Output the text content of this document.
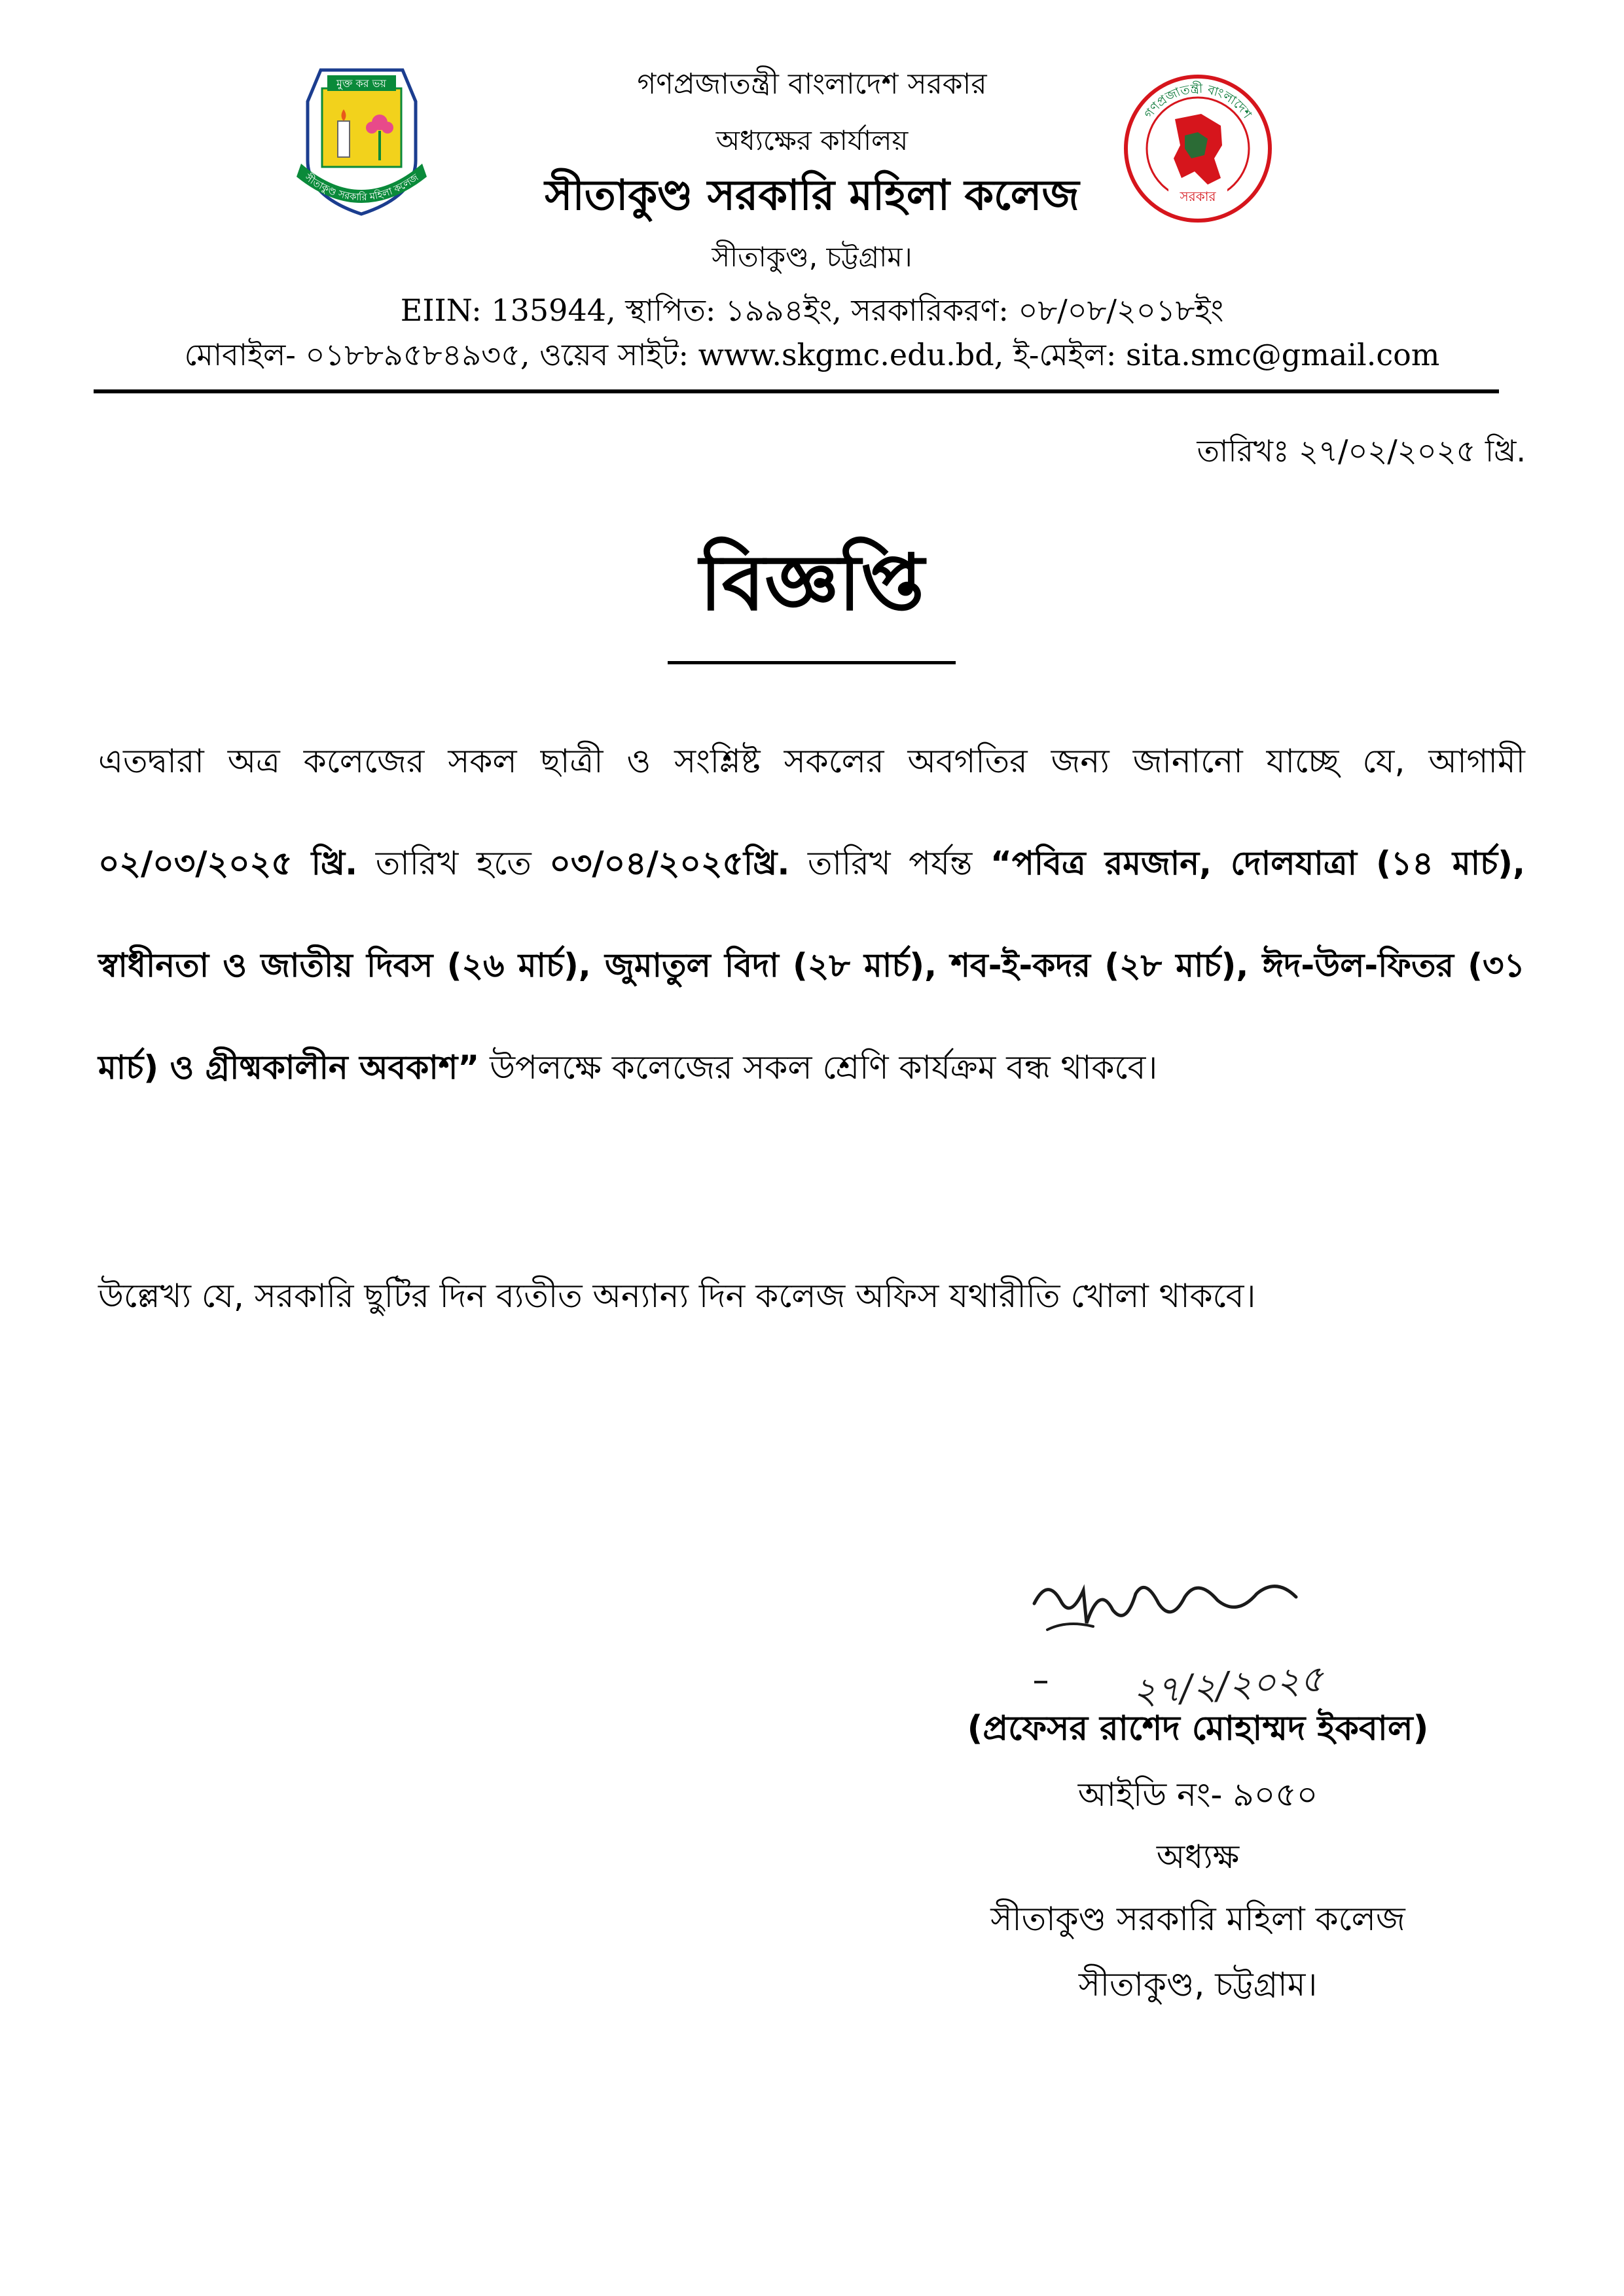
মুক্ত কর ভয়
সীতাকুণ্ড সরকারি মহিলা কলেজ
গণপ্রজাতন্ত্রী বাংলাদেশ সরকার
অধ্যক্ষের কার্যালয়
সীতাকুণ্ড সরকারি মহিলা কলেজ
সীতাকুণ্ড, চট্টগ্রাম।
EIIN: 135944, স্থাপিত: ১৯৯৪ইং, সরকারিকরণ: ০৮/০৮/২০১৮ইং
মোবাইল- ০১৮৮৯৫৮৪৯৩৫, ওয়েব সাইট: www.skgmc.edu.bd, ই-মেইল: sita.smc@gmail.com
গণপ্রজাতন্ত্রী বাংলাদেশ
সরকার
তারিখঃ ২৭/০২/২০২৫ খ্রি.
বিজ্ঞপ্তি
এতদ্বারা অত্র কলেজের সকল ছাত্রী ও সংশ্লিষ্ট সকলের অবগতির জন্য জানানো যাচ্ছে যে, আগামী ০২/০৩/২০২৫ খ্রি. তারিখ হতে ০৩/০৪/২০২৫খ্রি. তারিখ পর্যন্ত “পবিত্র রমজান, দোলযাত্রা (১৪ মার্চ), স্বাধীনতা ও জাতীয় দিবস (২৬ মার্চ), জুমাতুল বিদা (২৮ মার্চ), শব-ই-কদর (২৮ মার্চ), ঈদ-উল-ফিতর (৩১ মার্চ) ও গ্রীষ্মকালীন অবকাশ” উপলক্ষে কলেজের সকল শ্রেণি কার্যক্রম বন্ধ থাকবে।
উল্লেখ্য যে, সরকারি ছুটির দিন ব্যতীত অন্যান্য দিন কলেজ অফিস যথারীতি খোলা থাকবে।
২৭/২/২০২৫
(প্রফেসর রাশেদ মোহাম্মদ ইকবাল)
আইডি নং- ৯০৫০
অধ্যক্ষ
সীতাকুণ্ড সরকারি মহিলা কলেজ
সীতাকুণ্ড, চট্টগ্রাম।
